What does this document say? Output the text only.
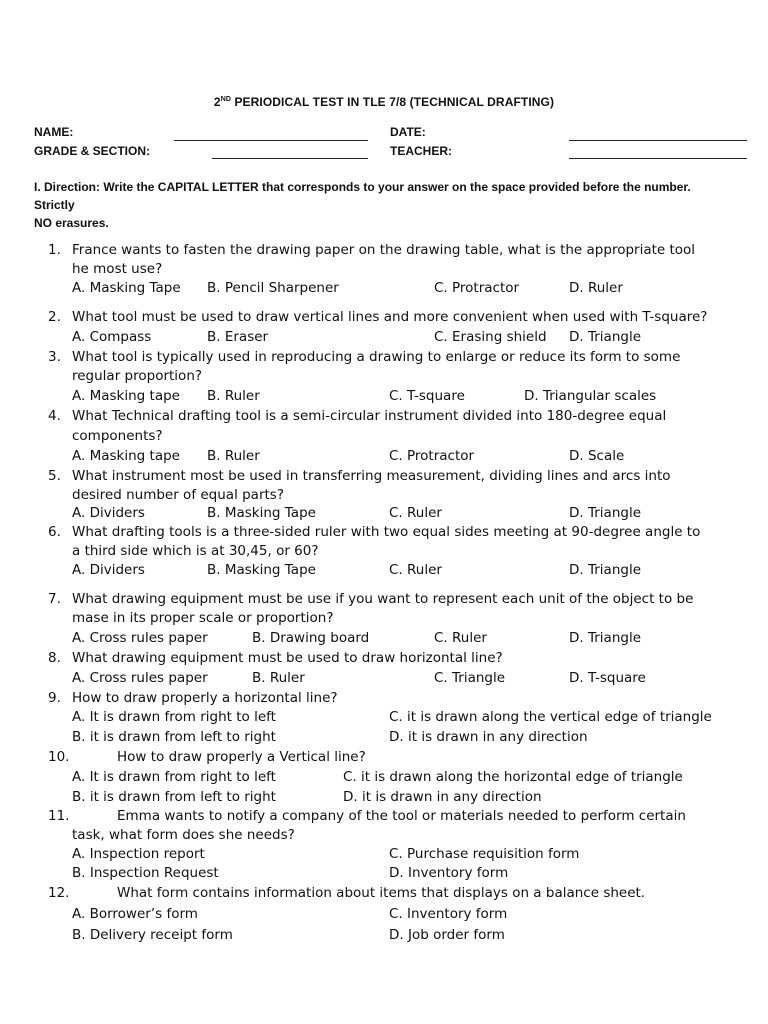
2ND PERIODICAL TEST IN TLE 7/8 (TECHNICAL DRAFTING)
NAME:
GRADE & SECTION:
DATE:
TEACHER:
I. Direction: Write the CAPITAL LETTER that corresponds to your answer on the space provided before the number. Strictly
NO erasures.
1. France wants to fasten the drawing paper on the drawing table, what is the appropriate tool
he most use?
A. Masking Tape B. Pencil Sharpener	C. Protractor	D. Ruler
2. What tool must be used to draw vertical lines and more convenient when used with T-square?
A. Compass	B. Eraser	C. Erasing shield D. Triangle
3. What tool is typically used in reproducing a drawing to enlarge or reduce its form to some
regular proportion?
A. Masking tape B. Ruler	C. T-square	D. Triangular scales
4. What Technical drafting tool is a semi-circular instrument divided into 180-degree equal
components?
A. Masking tape B. Ruler	C. Protractor	D. Scale
5. What instrument most be used in transferring measurement, dividing lines and arcs into
desired number of equal parts?
A. Dividers	B. Masking Tape	C. Ruler	D. Triangle
6. What drafting tools is a three-sided ruler with two equal sides meeting at 90-degree angle to
a third side which is at 30,45, or 60?
A. Dividers	B. Masking Tape	C. Ruler	D. Triangle
7. What drawing equipment must be use if you want to represent each unit of the object to be
mase in its proper scale or proportion?
A. Cross rules paper	B. Drawing board	C. Ruler	D. Triangle
8. What drawing equipment must be used to draw horizontal line?
A. Cross rules paper	B. Ruler	C. Triangle	D. T-square
9. How to draw properly a horizontal line?
A. It is drawn from right to left	C. it is drawn along the vertical edge of triangle
B. it is drawn from left to right	D. it is drawn in any direction
10.	How to draw properly a Vertical line?
A. It is drawn from right to left	C. it is drawn along the horizontal edge of triangle
B. it is drawn from left to right	D. it is drawn in any direction
11.	Emma wants to notify a company of the tool or materials needed to perform certain
task, what form does she needs?
A. Inspection report	C. Purchase requisition form
B. Inspection Request	D. Inventory form
12.	What form contains information about items that displays on a balance sheet.
A. Borrower’s form	C. Inventory form
B. Delivery receipt form	D. Job order form
